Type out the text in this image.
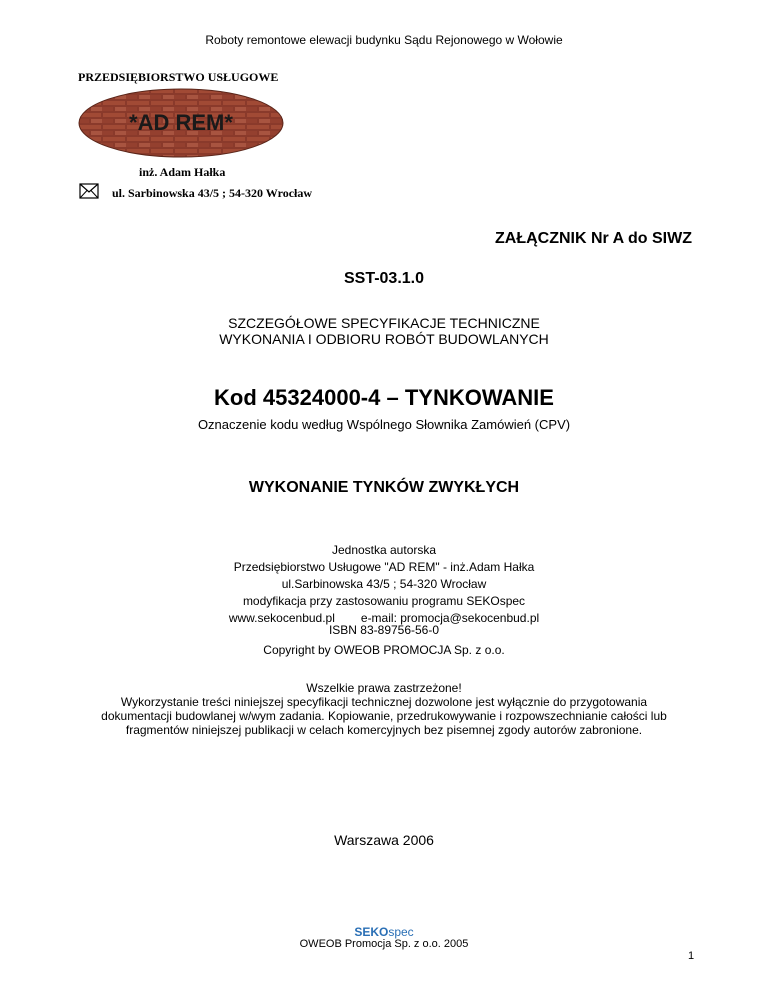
Roboty remontowe elewacji budynku Sądu Rejonowego w Wołowie
PRZEDSIĘBIORSTWO USŁUGOWE
*AD REM*
inż. Adam Hałka
ul. Sarbinowska 43/5 ; 54-320 Wrocław
ZAŁĄCZNIK Nr A do SIWZ
SST-03.1.0
SZCZEGÓŁOWE SPECYFIKACJE TECHNICZNE
WYKONANIA I ODBIORU ROBÓT BUDOWLANYCH
Kod 45324000-4 – TYNKOWANIE
Oznaczenie kodu według Wspólnego Słownika Zamówień (CPV)
WYKONANIE TYNKÓW ZWYKŁYCH
Jednostka autorska
Przedsiębiorstwo Usługowe "AD REM" - inż.Adam Hałka
ul.Sarbinowska 43/5 ; 54-320 Wrocław
modyfikacja przy zastosowaniu programu SEKOspec
www.sekocenbud.pl e-mail: promocja@sekocenbud.pl
ISBN 83-89756-56-0
Copyright by OWEOB PROMOCJA Sp. z o.o.
Wszelkie prawa zastrzeżone!
Wykorzystanie treści niniejszej specyfikacji technicznej dozwolone jest wyłącznie do przygotowania
dokumentacji budowlanej w/wym zadania. Kopiowanie, przedrukowywanie i rozpowszechnianie całości lub
fragmentów niniejszej publikacji w celach komercyjnych bez pisemnej zgody autorów zabronione.
Warszawa 2006
SEKOspec
OWEOB Promocja Sp. z o.o. 2005
1
